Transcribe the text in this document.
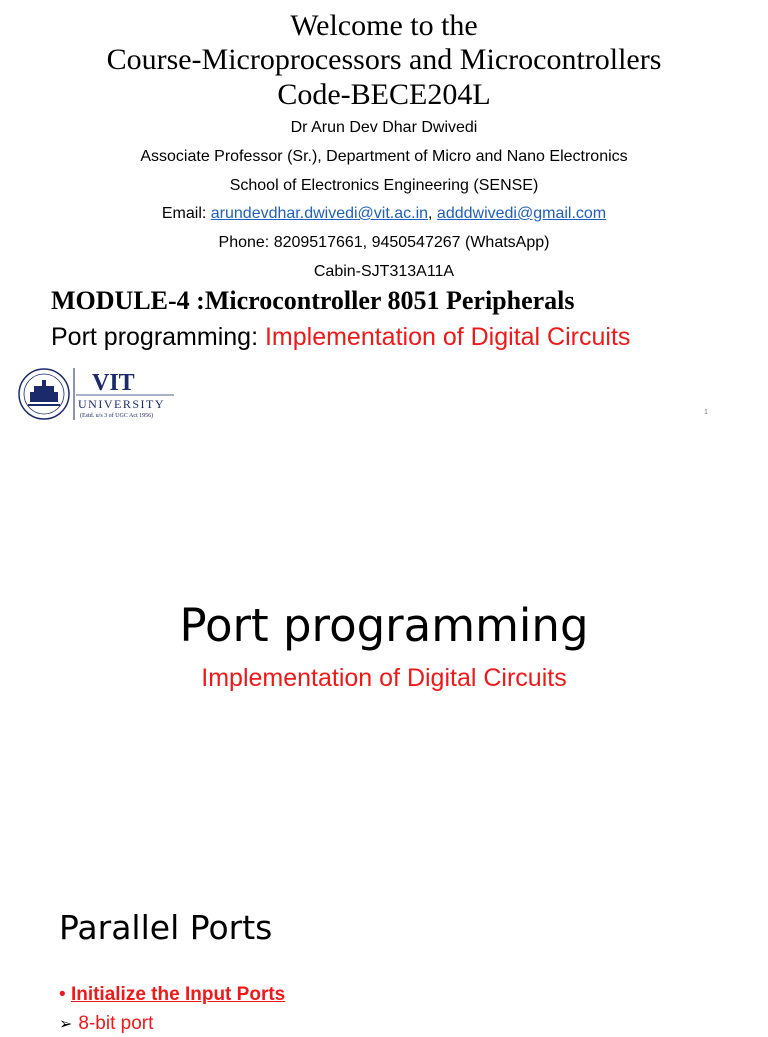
Welcome to the
Course-Microprocessors and Microcontrollers
Code-BECE204L
Dr Arun Dev Dhar Dwivedi
Associate Professor (Sr.), Department of Micro and Nano Electronics
School of Electronics Engineering (SENSE)
Email: arundevdhar.dwivedi@vit.ac.in, adddwivedi@gmail.com
Phone: 8209517661, 9450547267 (WhatsApp)
Cabin-SJT313A11A
MODULE-4 :Microcontroller 8051 Peripherals
Port programming: Implementation of Digital Circuits
VIT
UNIVERSITY
(Estd. u/s 3 of UGC Act 1956)	1
Port programming
Implementation of Digital Circuits
Parallel Ports
• Initialize the Input Ports
➢ 8-bit port
